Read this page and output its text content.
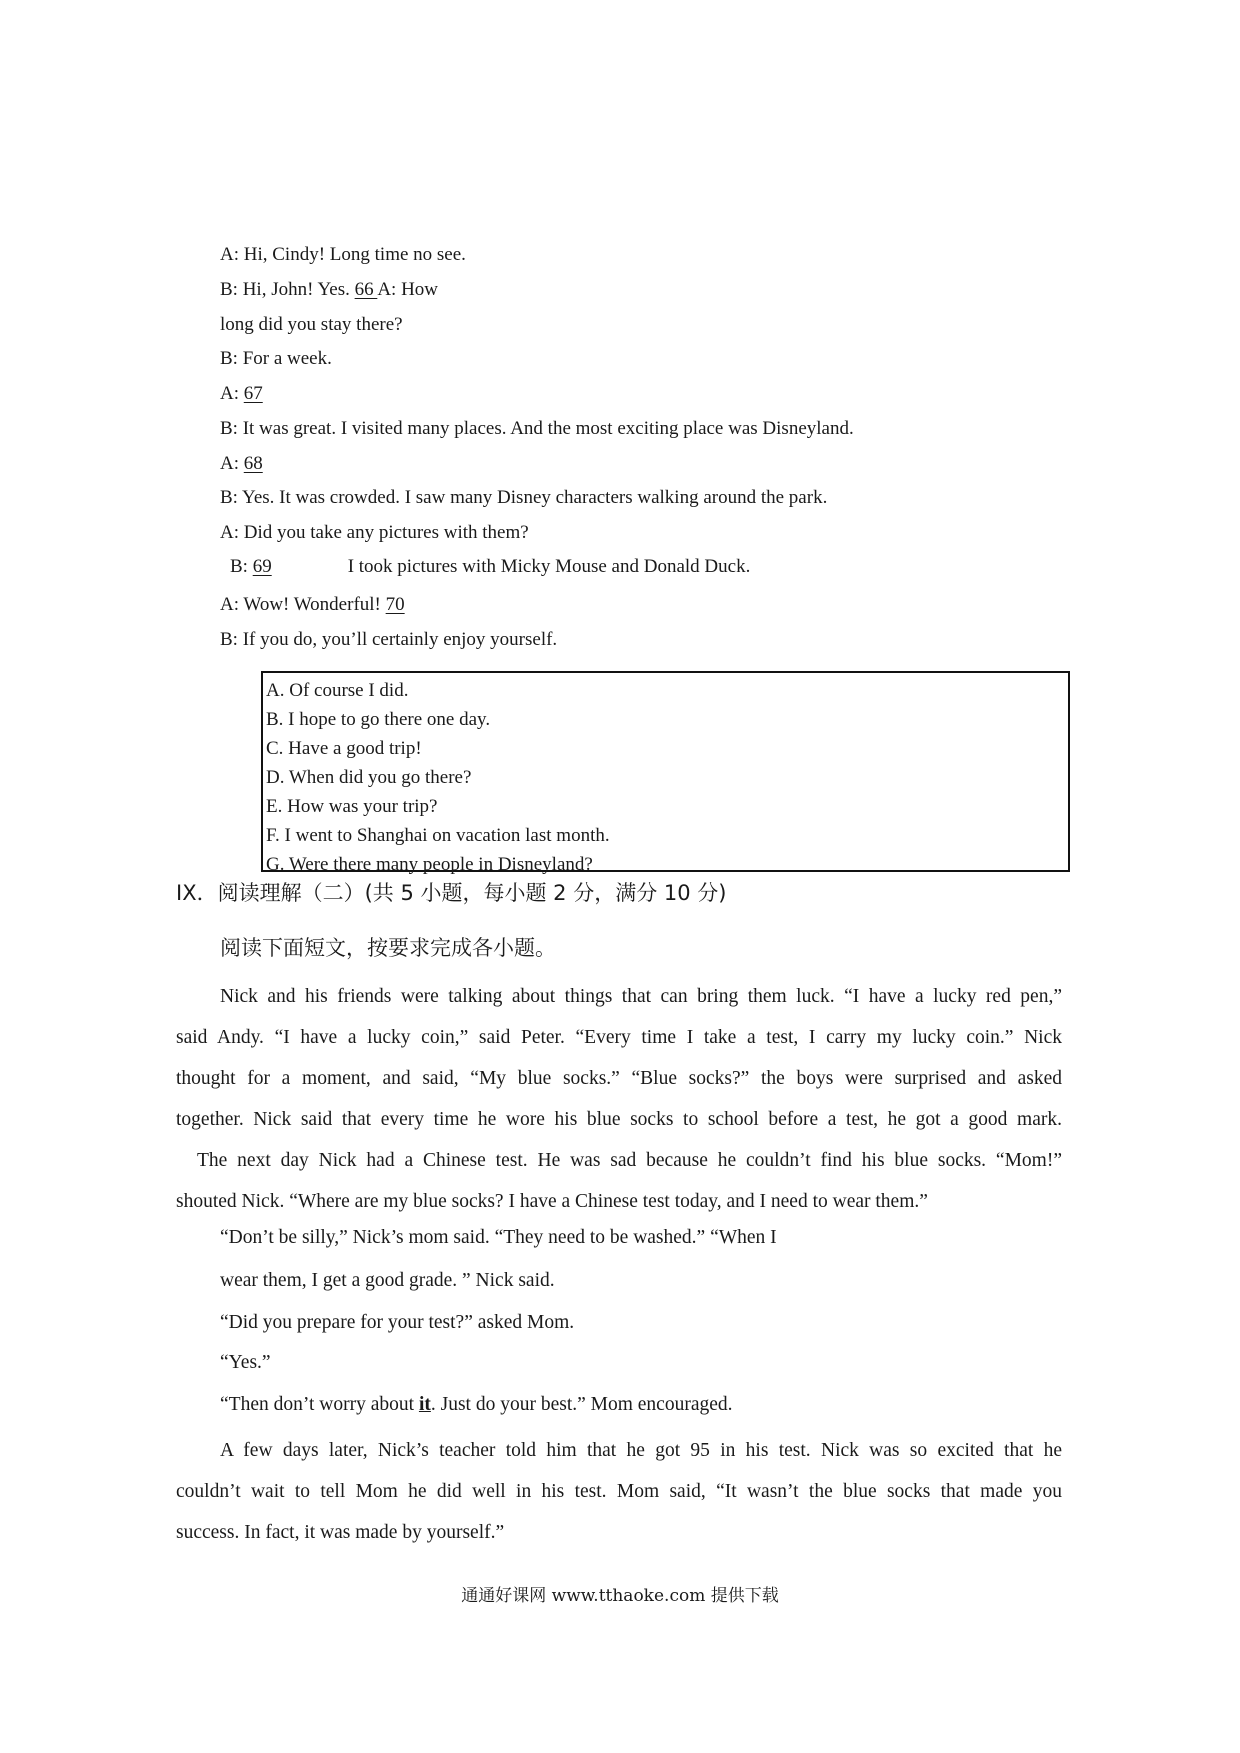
A: Hi, Cindy! Long time no see.
B: Hi, John! Yes. 66 A: How
long did you stay there?
B: For a week.
A: 67
B: It was great. I visited many places. And the most exciting place was Disneyland.
A: 68
B: Yes. It was crowded. I saw many Disney characters walking around the park.
A: Did you take any pictures with them?
B: 69	I took pictures with Micky Mouse and Donald Duck.
A: Wow! Wonderful! 70
B: If you do, you’ll certainly enjoy yourself.
A. Of course I did.
B. I hope to go there one day.
C. Have a good trip!
D. When did you go there?
E. How was your trip?
F. I went to Shanghai on vacation last month.
G. Were there many people in Disneyland?
IX．阅读理解（二）(共 5 小题，每小题 2 分，满分 10 分)
阅读下面短文，按要求完成各小题。
Nick and his friends were talking about things that can bring them luck. “I have a lucky red pen,”
said Andy. “I have a lucky coin,” said Peter. “Every time I take a test, I carry my lucky coin.” Nick
thought for a moment, and said, “My blue socks.” “Blue socks?” the boys were surprised and asked
together. Nick said that every time he wore his blue socks to school before a test, he got a good mark.
The next day Nick had a Chinese test. He was sad because he couldn’t find his blue socks. “Mom!”
shouted Nick. “Where are my blue socks? I have a Chinese test today, and I need to wear them.”
“Don’t be silly,” Nick’s mom said. “They need to be washed.” “When I
wear them, I get a good grade. ” Nick said.
“Did you prepare for your test?” asked Mom.
“Yes.”
“Then don’t worry about it. Just do your best.” Mom encouraged.
A few days later, Nick’s teacher told him that he got 95 in his test. Nick was so excited that he
couldn’t wait to tell Mom he did well in his test. Mom said, “It wasn’t the blue socks that made you
success. In fact, it was made by yourself.”
通通好课网 www.tthaoke.com 提供下载
